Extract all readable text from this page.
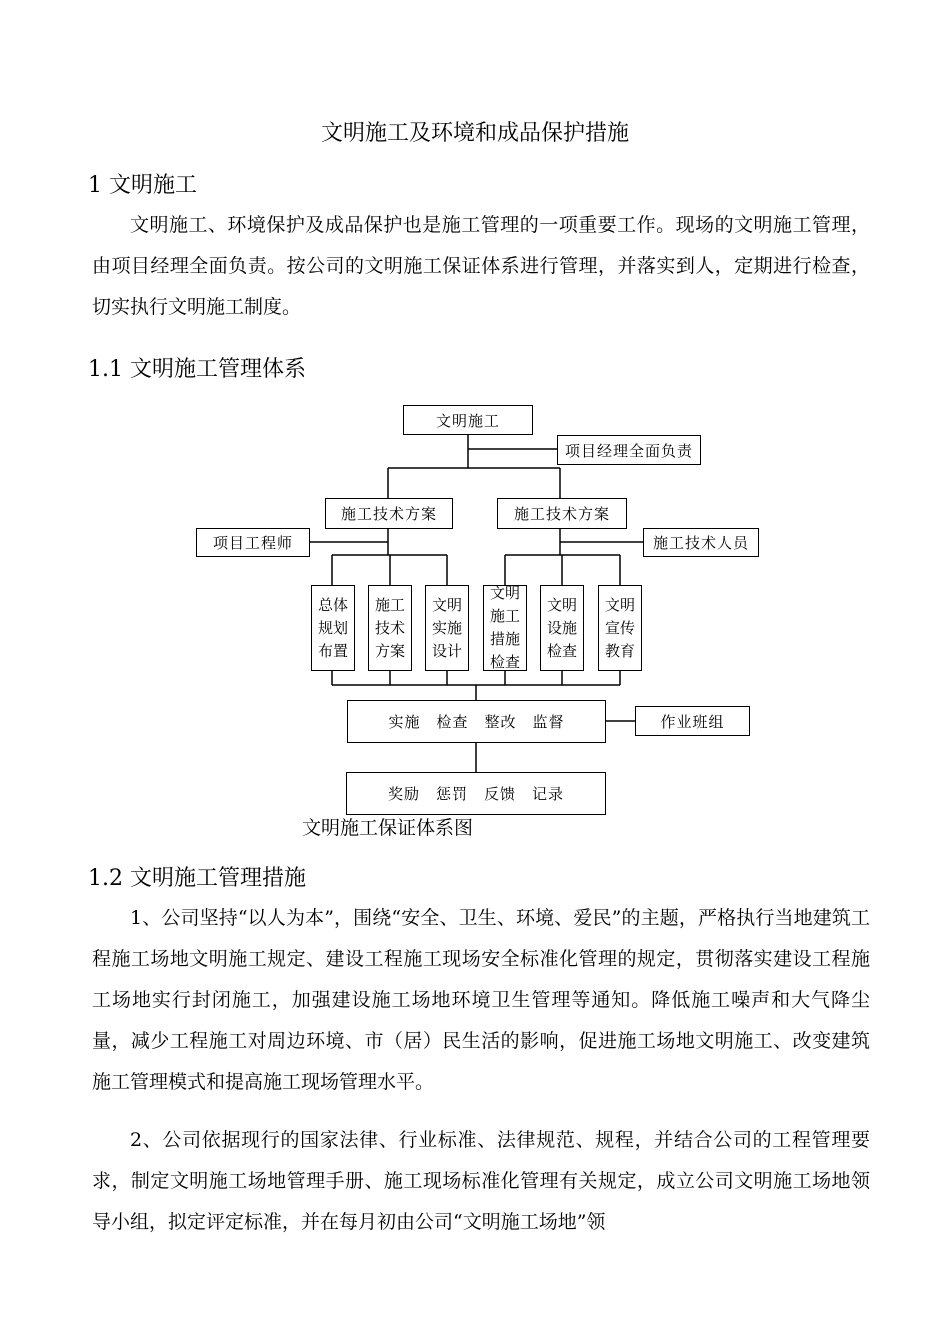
文明施工及环境和成品保护措施
1 文明施工
文明施工、环境保护及成品保护也是施工管理的一项重要工作。现场的文明施工管理，由项目经理全面负责。按公司的文明施工保证体系进行管理，并落实到人，定期进行检查，切实执行文明施工制度。
1.1 文明施工管理体系
文明施工
项目经理全面负责
施工技术方案	施工技术方案
项目工程师	施工技术人员
总体规划布置
施工技术方案
文明实施设计
文明施工措施检查
文明设施检查
文明宣传教育
实施　检查　整改　监督	作业班组
奖励　惩罚　反馈　记录
文明施工保证体系图
1.2 文明施工管理措施
1、公司坚持“以人为本”，围绕“安全、卫生、环境、爱民”的主题，严格执行当地建筑工程施工场地文明施工规定、建设工程施工现场安全标准化管理的规定，贯彻落实建设工程施工场地实行封闭施工，加强建设施工场地环境卫生管理等通知。降低施工噪声和大气降尘量，减少工程施工对周边环境、市（居）民生活的影响，促进施工场地文明施工、改变建筑施工管理模式和提高施工现场管理水平。
2、公司依据现行的国家法律、行业标准、法律规范、规程，并结合公司的工程管理要求，制定文明施工场地管理手册、施工现场标准化管理有关规定，成立公司文明施工场地领导小组，拟定评定标准，并在每月初由公司“文明施工场地”领
